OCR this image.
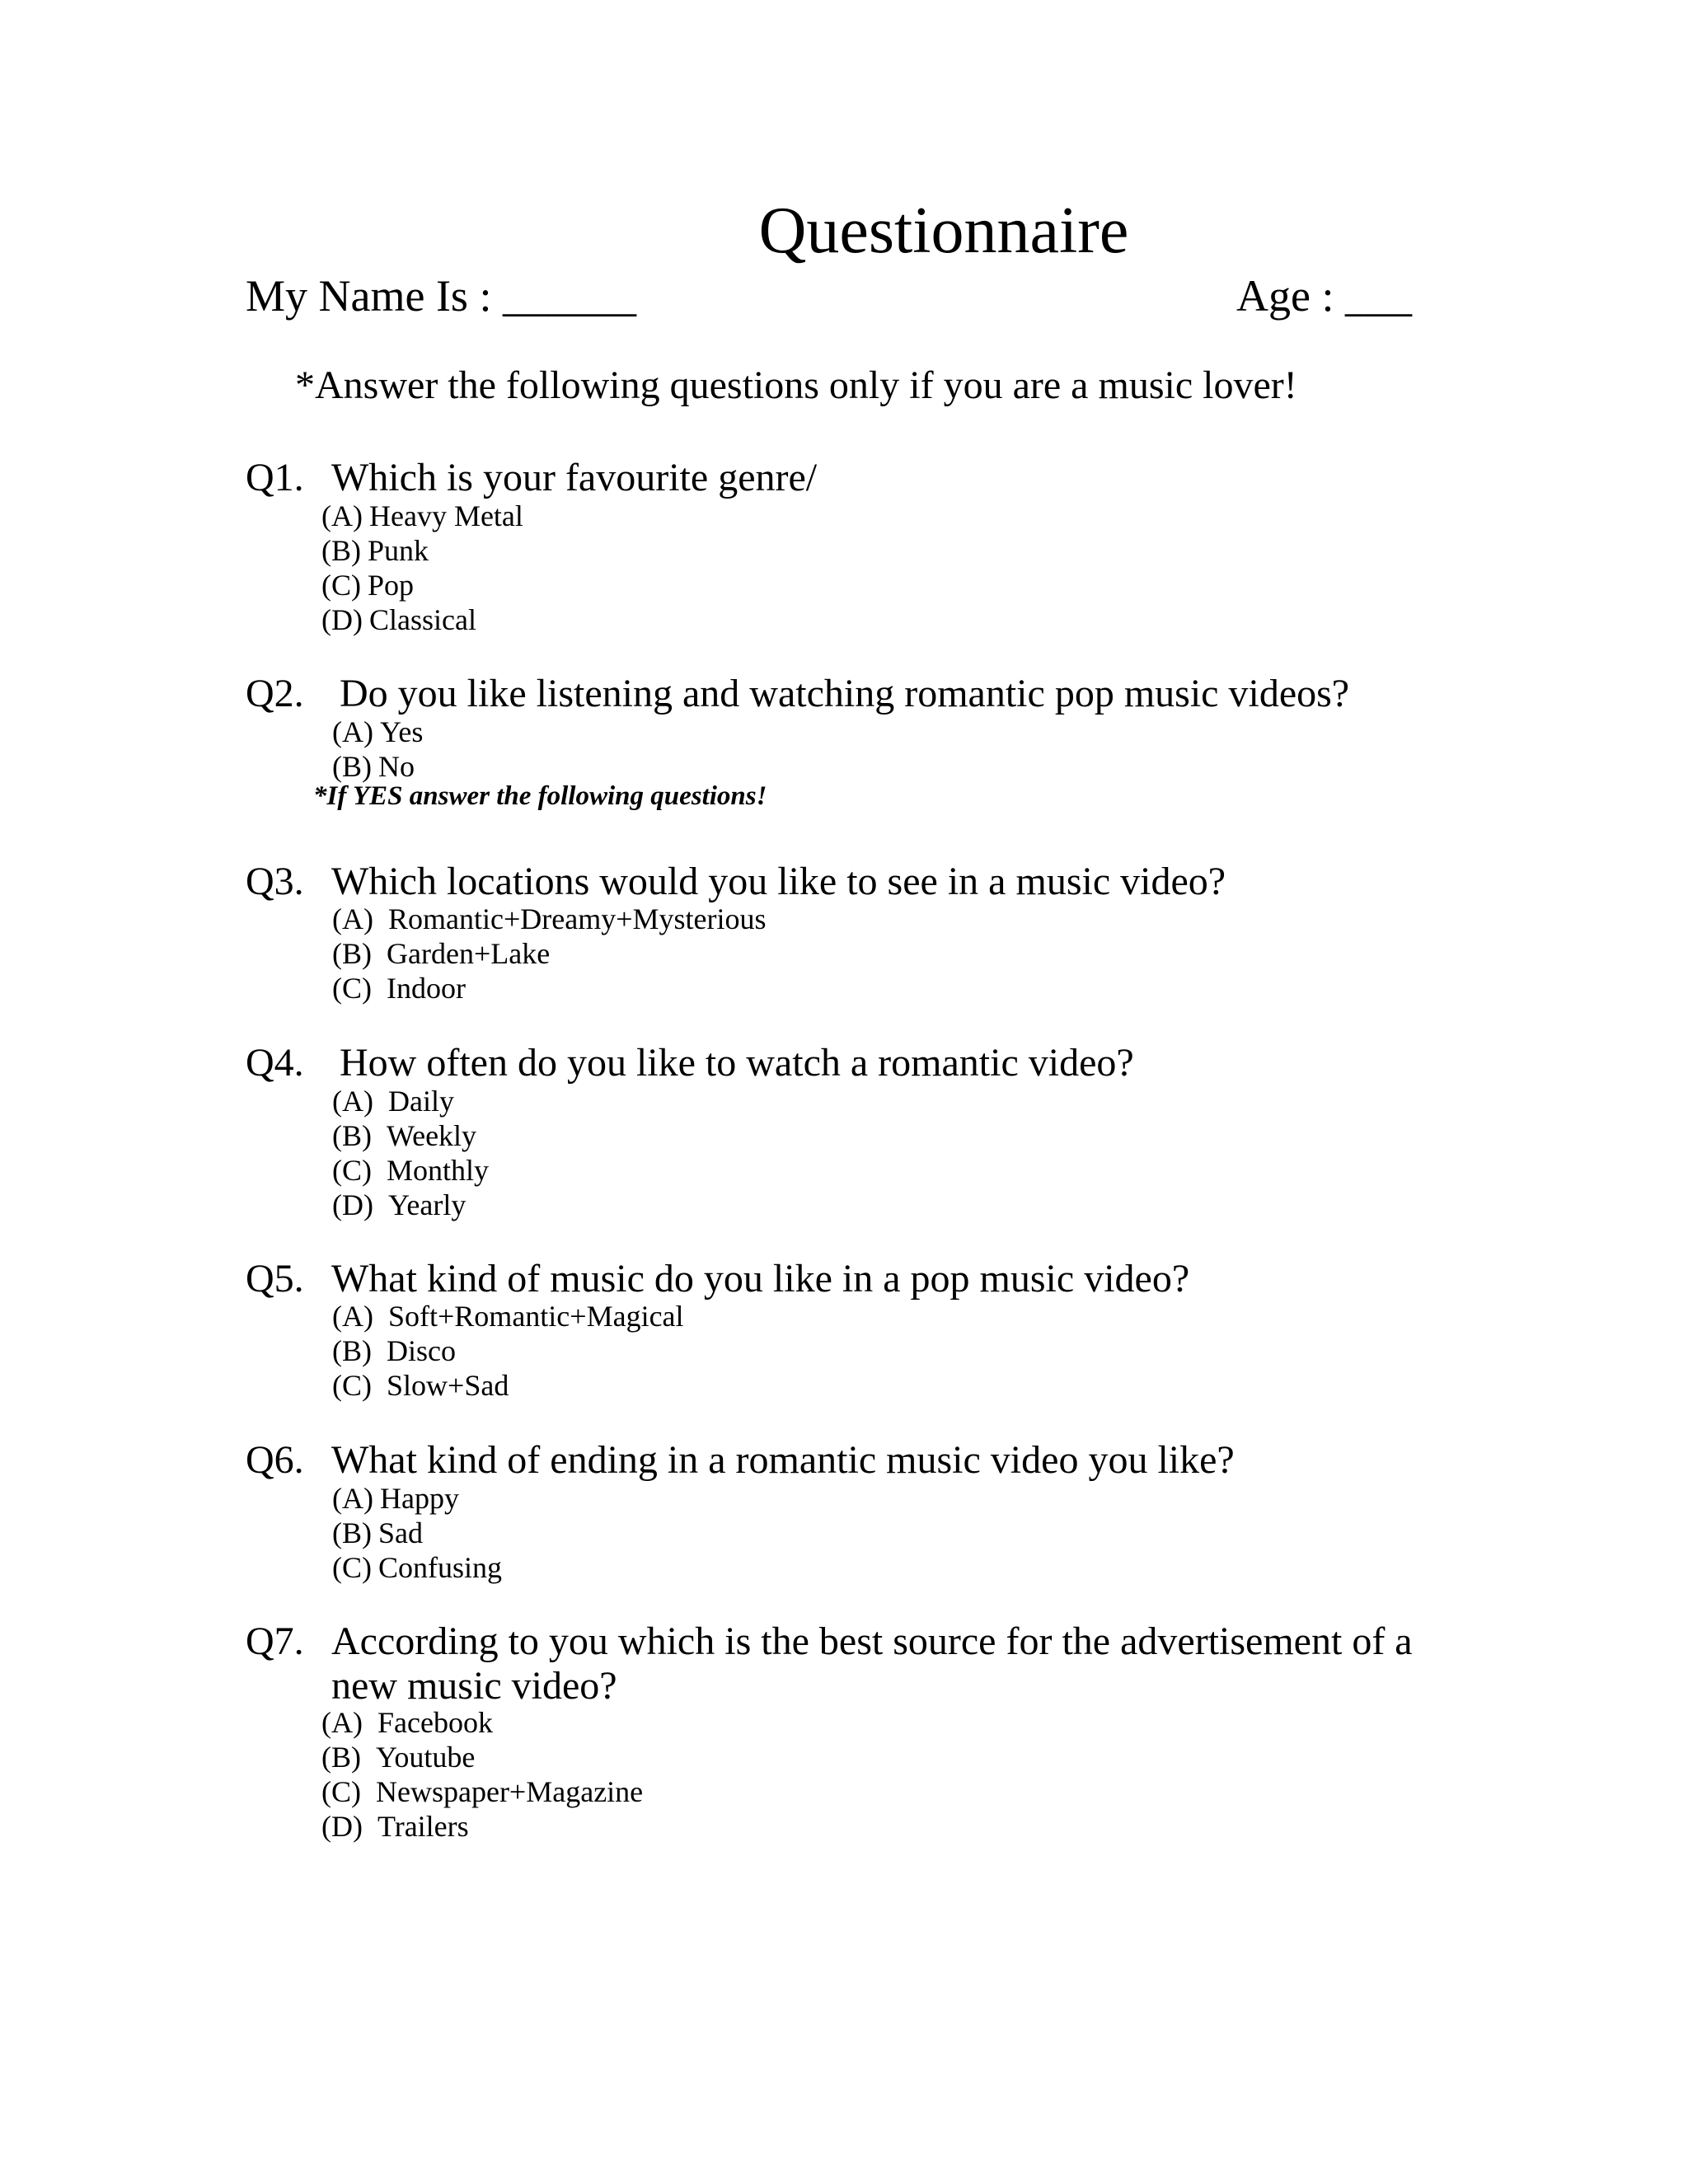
Questionnaire
My Name Is : ______	Age : ___
*Answer the following questions only if you are a music lover!
Q1. Which is your favourite genre/
(A) Heavy Metal
(B) Punk
(C) Pop
(D) Classical
Q2. Do you like listening and watching romantic pop music videos?
(A) Yes
(B) No
*If YES answer the following questions!
Q3. Which locations would you like to see in a music video?
(A) Romantic+Dreamy+Mysterious
(B) Garden+Lake
(C) Indoor
Q4. How often do you like to watch a romantic video?
(A) Daily
(B) Weekly
(C) Monthly
(D) Yearly
Q5. What kind of music do you like in a pop music video?
(A) Soft+Romantic+Magical
(B) Disco
(C) Slow+Sad
Q6. What kind of ending in a romantic music video you like?
(A) Happy
(B) Sad
(C) Confusing
Q7. According to you which is the best source for the advertisement of a
new music video?
(A) Facebook
(B) Youtube
(C) Newspaper+Magazine
(D) Trailers
